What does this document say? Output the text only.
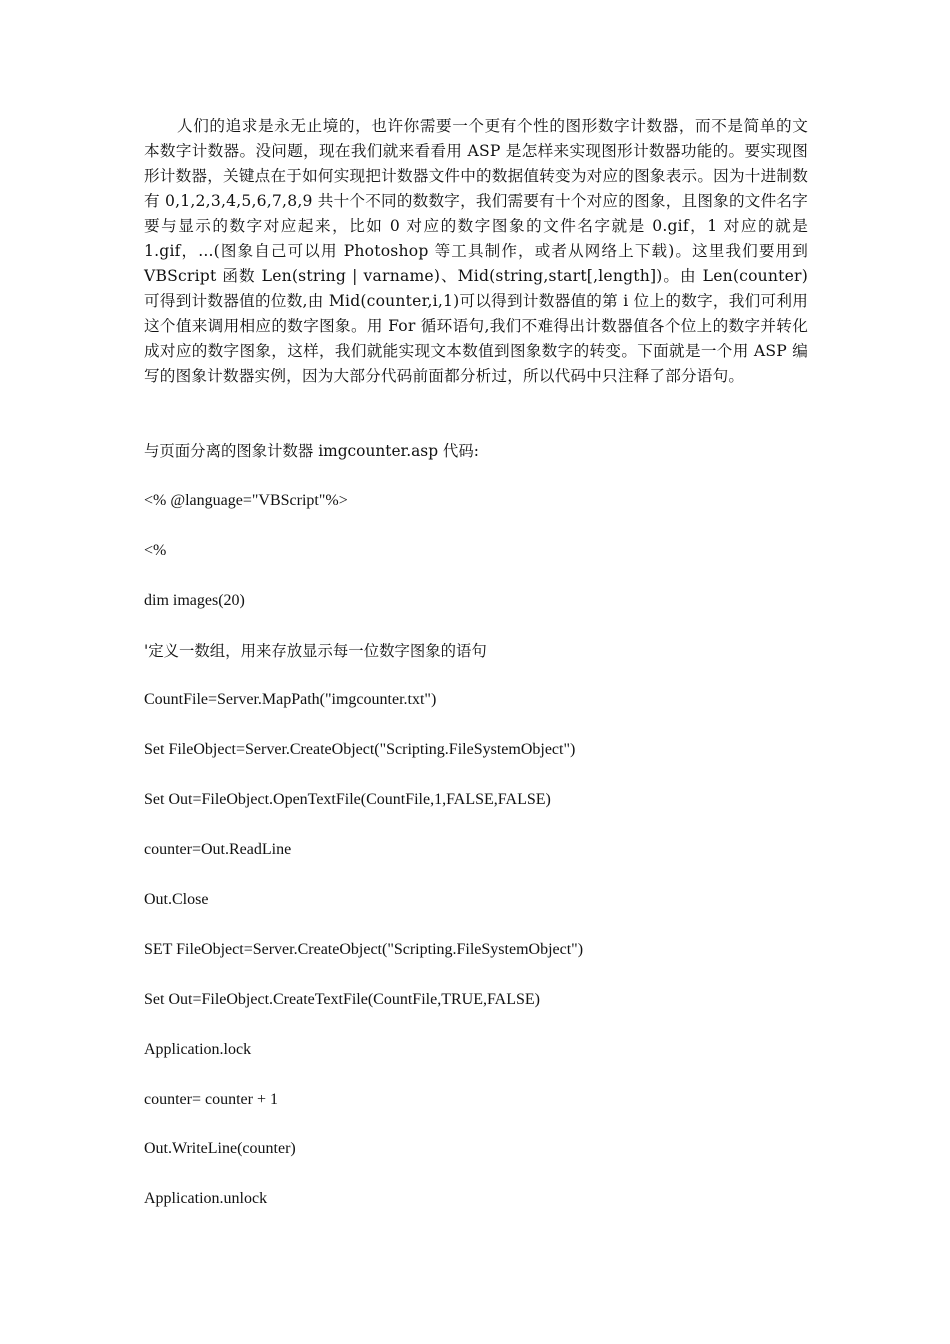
人们的追求是永无止境的，也许你需要一个更有个性的图形数字计数器，而不是简单的文本数字计数器。没问题，现在我们就来看看用 ASP 是怎样来实现图形计数器功能的。要实现图形计数器，关键点在于如何实现把计数器文件中的数据值转变为对应的图象表示。因为十进制数有 0,1,2,3,4,5,6,7,8,9 共十个不同的数数字，我们需要有十个对应的图象，且图象的文件名字要与显示的数字对应起来，比如 0 对应的数字图象的文件名字就是 0.gif，1 对应的就是 1.gif，...(图象自己可以用 Photoshop 等工具制作，或者从网络上下载)。这里我们要用到 VBScript 函数 Len(string | varname)、Mid(string,start[,length])。由 Len(counter)可得到计数器值的位数,由 Mid(counter,i,1)可以得到计数器值的第 i 位上的数字，我们可利用这个值来调用相应的数字图象。用 For 循环语句,我们不难得出计数器值各个位上的数字并转化成对应的数字图象，这样，我们就能实现文本数值到图象数字的转变。下面就是一个用 ASP 编写的图象计数器实例，因为大部分代码前面都分析过，所以代码中只注释了部分语句。

与页面分离的图象计数器 imgcounter.asp 代码:
<% @language="VBScript"%>
<%
dim images(20)
'定义一数组，用来存放显示每一位数字图象的语句
CountFile=Server.MapPath("imgcounter.txt")
Set FileObject=Server.CreateObject("Scripting.FileSystemObject")
Set Out=FileObject.OpenTextFile(CountFile,1,FALSE,FALSE)
counter=Out.ReadLine
Out.Close
SET FileObject=Server.CreateObject("Scripting.FileSystemObject")
Set Out=FileObject.CreateTextFile(CountFile,TRUE,FALSE)
Application.lock
counter= counter + 1
Out.WriteLine(counter)
Application.unlock
